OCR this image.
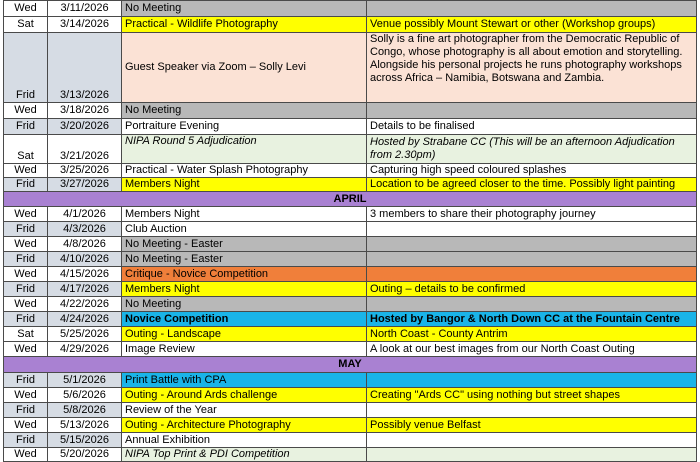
Wed	3/11/2026	No Meeting	
Sat	3/14/2026	Practical - Wildlife Photography	Venue possibly Mount Stewart or other (Workshop groups)
Frid	3/13/2026	Guest Speaker via Zoom – Solly Levi	Solly is a fine art photographer from the Democratic Republic of Congo, whose photography is all about emotion and storytelling. Alongside his personal projects he runs photography workshops across Africa – Namibia, Botswana and Zambia.
Wed	3/18/2026	No Meeting	
Frid	3/20/2026	Portraiture Evening	Details to be finalised
Sat	3/21/2026	NIPA Round 5 Adjudication	Hosted by Strabane CC (This will be an afternoon Adjudication from 2.30pm)
Wed	3/25/2026	Practical - Water Splash Photography	Capturing high speed coloured splashes
Frid	3/27/2026	Members Night	Location to be agreed closer to the time. Possibly light painting
APRIL			
Wed	4/1/2026	Members Night	3 members to share their photography journey
Frid	4/3/2026	Club Auction	
Wed	4/8/2026	No Meeting - Easter	
Frid	4/10/2026	No Meeting - Easter	
Wed	4/15/2026	Critique - Novice Competition	
Frid	4/17/2026	Members Night	Outing – details to be confirmed
Wed	4/22/2026	No Meeting	
Frid	4/24/2026	Novice Competition	Hosted by Bangor & North Down CC at the Fountain Centre
Sat	5/25/2026	Outing - Landscape	North Coast - County Antrim
Wed	4/29/2026	Image Review	A look at our best images from our North Coast Outing
MAY			
Frid	5/1/2026	Print Battle with CPA	
Wed	5/6/2026	Outing - Around Ards challenge	Creating "Ards CC" using nothing but street shapes
Frid	5/8/2026	Review of the Year	
Wed	5/13/2026	Outing - Architecture Photography	Possibly venue Belfast
Frid	5/15/2026	Annual Exhibition	
Wed	5/20/2026	NIPA Top Print & PDI Competition	
